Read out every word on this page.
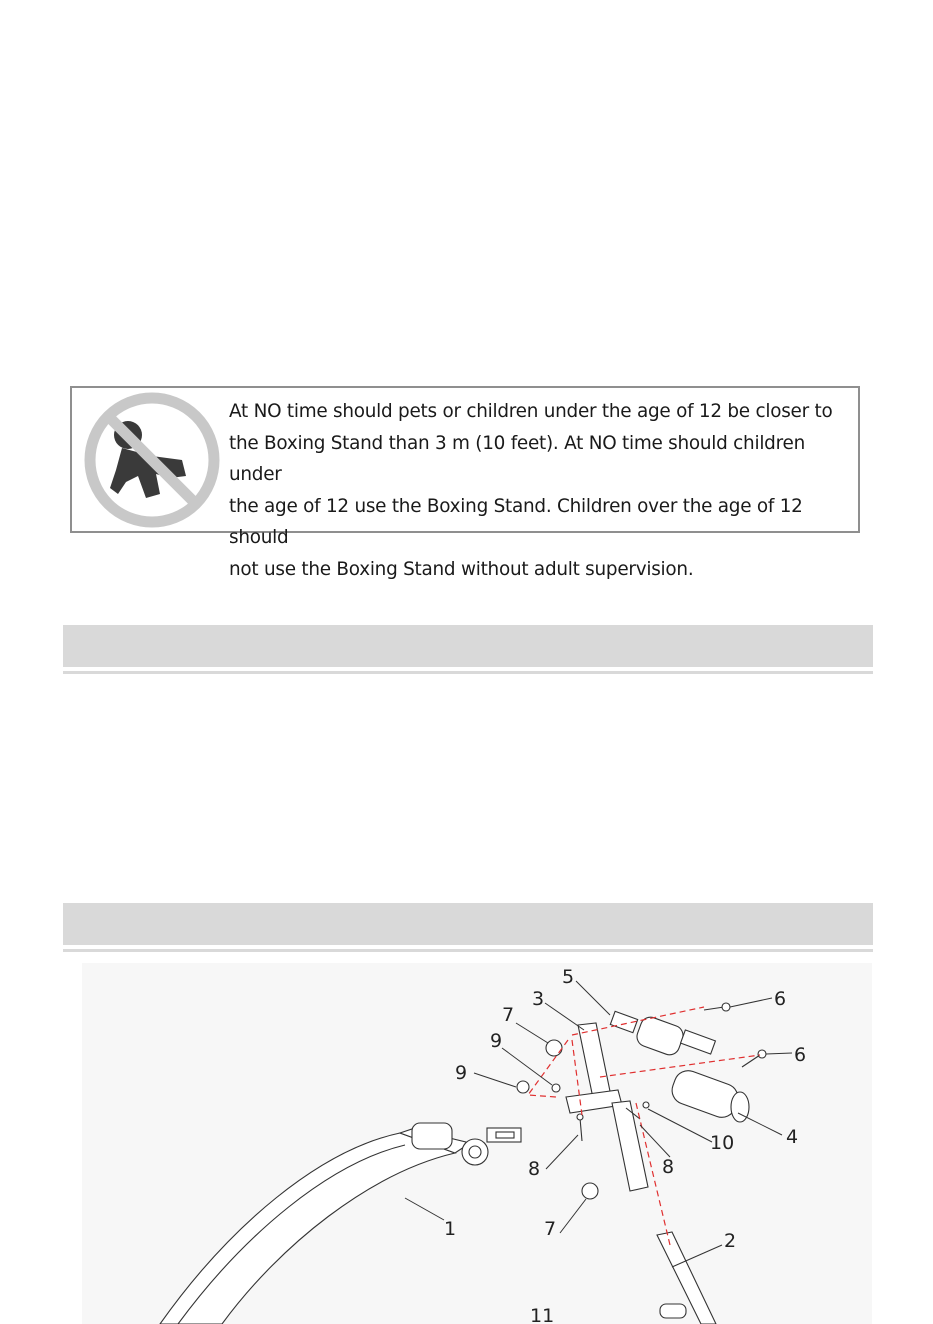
At NO time should pets or children under the age of 12 be closer to
the Boxing Stand than 3 m (10 feet). At NO time should children under
the age of 12 use the Boxing Stand. Children over the age of 12 should
not use the Boxing Stand without adult supervision.
1
2
3
4
5
6
6
7
7
8	8
9
9
10
11
